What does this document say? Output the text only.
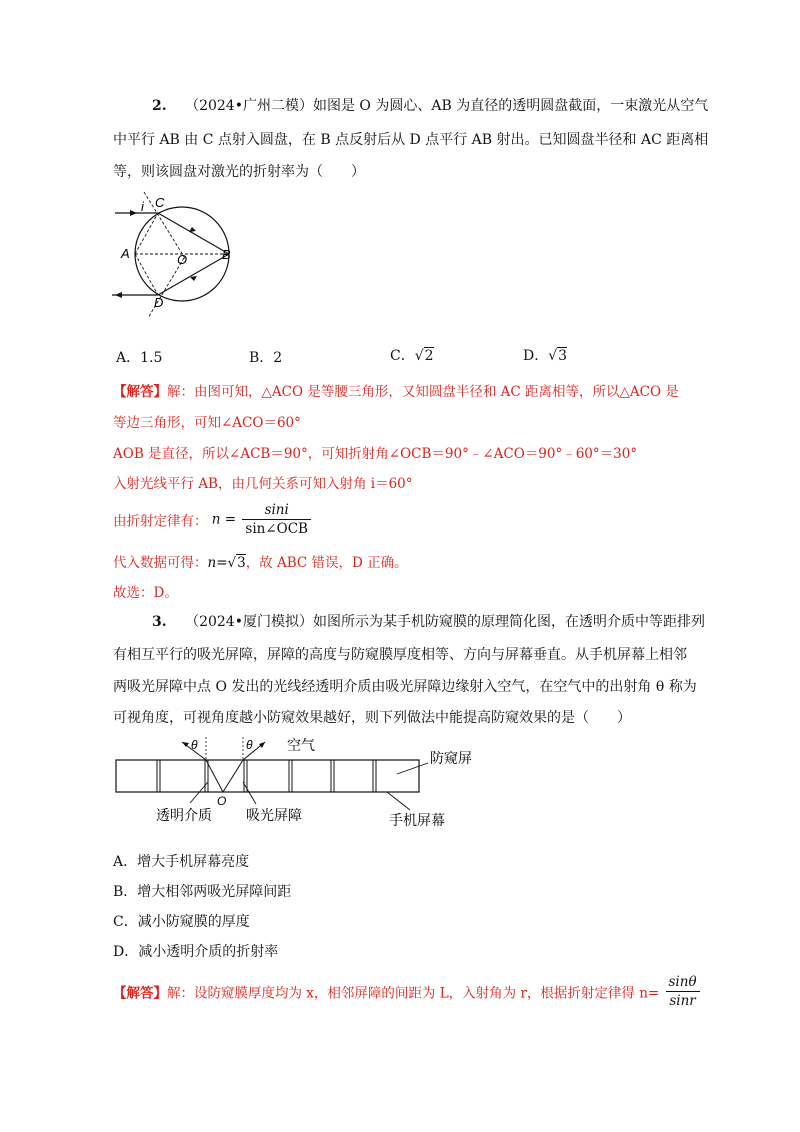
2. （2024•广州二模）如图是 O 为圆心、AB 为直径的透明圆盘截面，一束激光从空气
中平行 AB 由 C 点射入圆盘，在 B 点反射后从 D 点平行 AB 射出。已知圆盘半径和 AC 距离相
等，则该圆盘对激光的折射率为（　　）
i C
A	O	B
D
A．1.5	B．2	C．√2	D．√3
【解答】解：由图可知，△ACO 是等腰三角形，又知圆盘半径和 AC 距离相等，所以△ACO 是
等边三角形，可知∠ACO＝60°
AOB 是直径，所以∠ACB＝90°，可知折射角∠OCB＝90°﹣∠ACO＝90°﹣60°＝30°
入射光线平行 AB，由几何关系可知入射角 i＝60°
由折射定律有： $n = \frac{\sin i}{\text{sin∠OCB}}$
代入数据可得：n=√3，故 ABC 错误，D 正确。
故选：D。
3. （2024•厦门模拟）如图所示为某手机防窥膜的原理简化图，在透明介质中等距排列
有相互平行的吸光屏障，屏障的高度与防窥膜厚度相等、方向与屏幕垂直。从手机屏幕上相邻
两吸光屏障中点 O 发出的光线经透明介质由吸光屏障边缘射入空气，在空气中的出射角 θ 称为
可视角度，可视角度越小防窥效果越好，则下列做法中能提高防窥效果的是（　　）
θ	θ 空气
O
防窥屏
透明介质 吸光屏障	手机屏幕
A．增大手机屏幕亮度
B．增大相邻两吸光屏障间距
C．减小防窥膜的厚度
D．减小透明介质的折射率
【解答】解：设防窥膜厚度均为 x，相邻屏障的间距为 L，入射角为 r，根据折射定律得 $n= \frac{\sin\theta}{\sin r}$
